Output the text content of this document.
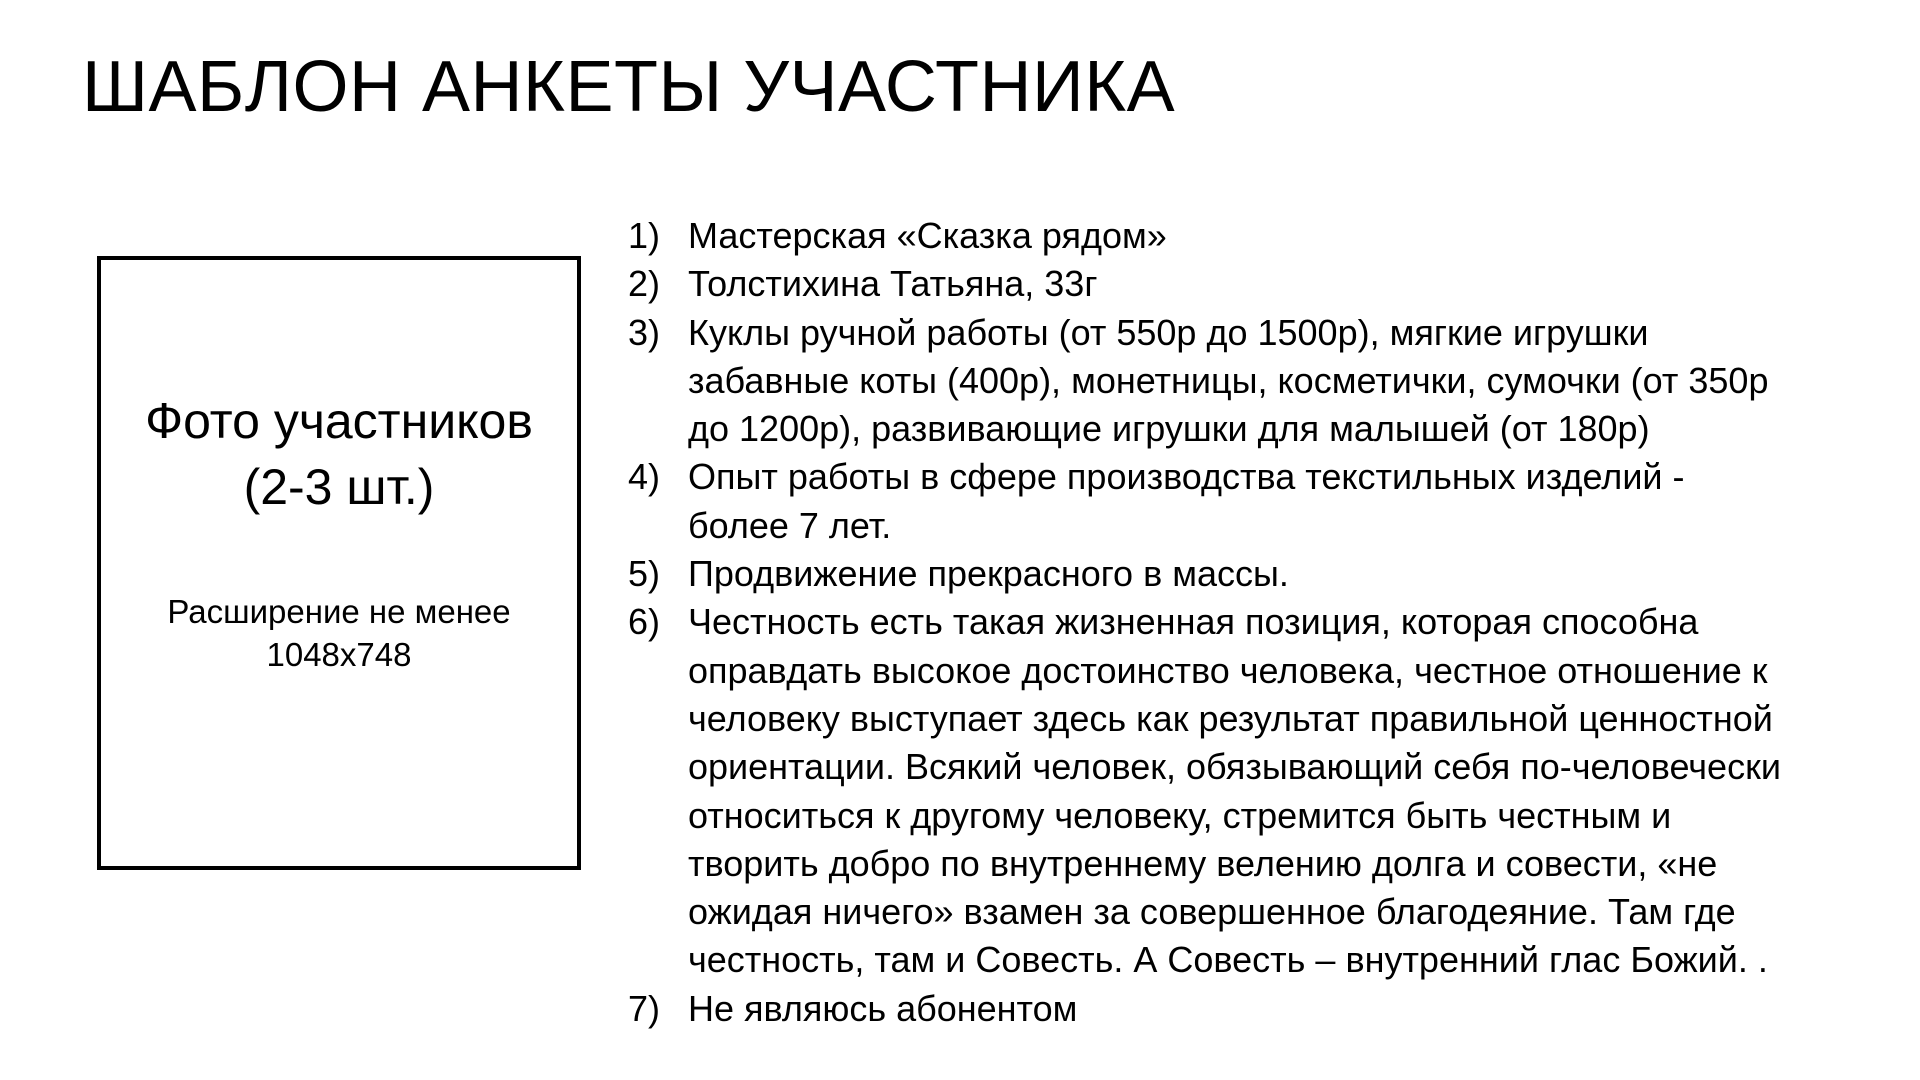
ШАБЛОН АНКЕТЫ УЧАСТНИКА
Фото участников
(2-3 шт.)
Расширение не менее
1048x748
1) Мастерская «Сказка рядом»
2) Толстихина Татьяна, 33г
3) Куклы ручной работы (от 550р до 1500р), мягкие игрушки
забавные коты (400р), монетницы, косметички, сумочки (от 350р
до 1200р), развивающие игрушки для малышей (от 180р)
4) Опыт работы в сфере производства текстильных изделий -
более 7 лет.
5) Продвижение прекрасного в массы.
6) Честность есть такая жизненная позиция, которая способна
оправдать высокое достоинство человека, честное отношение к
человеку выступает здесь как результат правильной ценностной
ориентации. Всякий человек, обязывающий себя по-человечески
относиться к другому человеку, стремится быть честным и
творить добро по внутреннему велению долга и совести, «не
ожидая ничего» взамен за совершенное благодеяние. Там где
честность, там и Совесть. А Совесть – внутренний глас Божий. .
7) Не являюсь абонентом
